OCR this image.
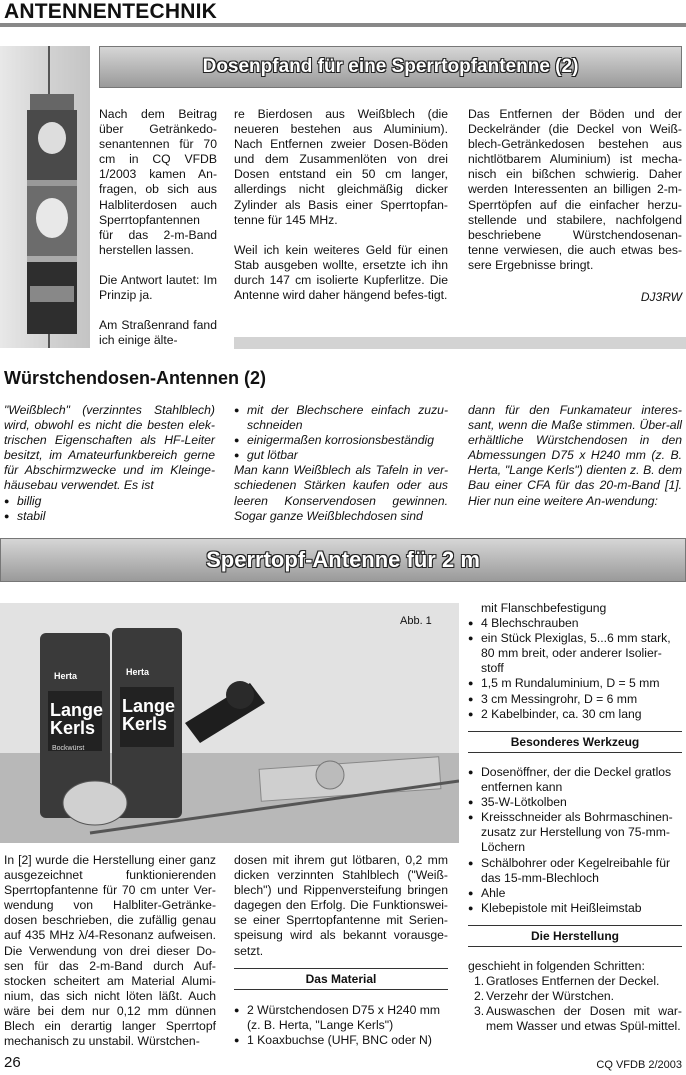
ANTENNENTECHNIK
Dosenpfand für eine Sperrtopfantenne (2)

Nach dem Beitrag über Getränkedo-senantennen für 70 cm in CQ VFDB 1/2003 kamen An-fragen, ob sich aus Halbliterdosen auch Sperrtopfantennen für das 2-m-Band herstellen lassen.

Die Antwort lautet: Im Prinzip ja.

Am Straßenrand fand ich einige älte-

re Bierdosen aus Weißblech (die neueren bestehen aus Aluminium). Nach Entfernen zweier Dosen-Böden und dem Zusammenlöten von drei Dosen entstand ein 50 cm langer, allerdings nicht gleichmäßig dicker Zylinder als Basis einer Sperrtopfan-tenne für 145 MHz.

Weil ich kein weiteres Geld für einen Stab ausgeben wollte, ersetzte ich ihn durch 147 cm isolierte Kupferlitze. Die Antenne wird daher hängend befes-tigt.

Das Entfernen der Böden und der Deckelränder (die Deckel von Weiß-blech-Getränkedosen bestehen aus nichtlötbarem Aluminium) ist mecha-nisch ein bißchen schwierig. Daher werden Interessenten an billigen 2-m-Sperrtöpfen auf die einfacher herzu-stellende und stabilere, nachfolgend beschriebene Würstchendosenan-tenne verwiesen, die auch etwas bes-sere Ergebnisse bringt.

DJ3RW
Würstchendosen-Antennen (2)
"Weißblech" (verzinntes Stahlblech) wird, obwohl es nicht die besten elek-trischen Eigenschaften als HF-Leiter besitzt, im Amateurfunkbereich gerne für Abschirmzwecke und im Kleinge-häusebau verwendet. Es ist
● billig
● stabil
● mit der Blechschere einfach zuzu-schneiden
● einigermaßen korrosionsbeständig
● gut lötbar
Man kann Weißblech als Tafeln in ver-schiedenen Stärken kaufen oder aus leeren Konservendosen gewinnen. Sogar ganze Weißblechdosen sind
dann für den Funkamateur interes-sant, wenn die Maße stimmen. Über-all erhältliche Würstchendosen in den Abmessungen D75 x H240 mm (z. B. Herta, "Lange Kerls") dienten z. B. dem Bau einer CFA für das 20-m-Band [1]. Hier nun eine weitere An-wendung:
Sperrtopf-Antenne für 2 m
Herta	Herta
Lange
Kerls
Lange
Kerls
Bockwürst
Abb. 1
In [2] wurde die Herstellung einer ganz ausgezeichnet funktionierenden Sperrtopfantenne für 70 cm unter Ver-wendung von Halbliter-Getränke-dosen beschrieben, die zufällig genau auf 435 MHz λ/4-Resonanz aufweisen. Die Verwendung von drei dieser Do-sen für das 2-m-Band durch Auf-stocken scheitert am Material Alumi-nium, das sich nicht löten läßt. Auch wäre bei dem nur 0,12 mm dünnen Blech ein derartig langer Sperrtopf mechanisch zu unstabil. Würstchen-
dosen mit ihrem gut lötbaren, 0,2 mm dicken verzinnten Stahlblech ("Weiß-blech") und Rippenversteifung bringen dagegen den Erfolg. Die Funktionswei-se einer Sperrtopfantenne mit Serien-speisung wird als bekannt vorausge-setzt.
Das Material
● 2 Würstchendosen D75 x H240 mm (z. B. Herta, "Lange Kerls")
● 1 Koaxbuchse (UHF, BNC oder N)
mit Flanschbefestigung
● 4 Blechschrauben
● ein Stück Plexiglas, 5...6 mm stark, 80 mm breit, oder anderer Isolier-stoff
● 1,5 m Rundaluminium, D = 5 mm
● 3 cm Messingrohr, D = 6 mm
● 2 Kabelbinder, ca. 30 cm lang
Besonderes Werkzeug
● Dosenöffner, der die Deckel gratlos entfernen kann
● 35-W-Lötkolben
● Kreisschneider als Bohrmaschinen-zusatz zur Herstellung von 75-mm-Löchern
● Schälbohrer oder Kegelreibahle für das 15-mm-Blechloch
● Ahle
● Klebepistole mit Heißleimstab
Die Herstellung
geschieht in folgenden Schritten:
1. Gratloses Entfernen der Deckel.
2. Verzehr der Würstchen.
3. Auswaschen der Dosen mit war-mem Wasser und etwas Spül-mittel.
26	CQ VFDB 2/2003
